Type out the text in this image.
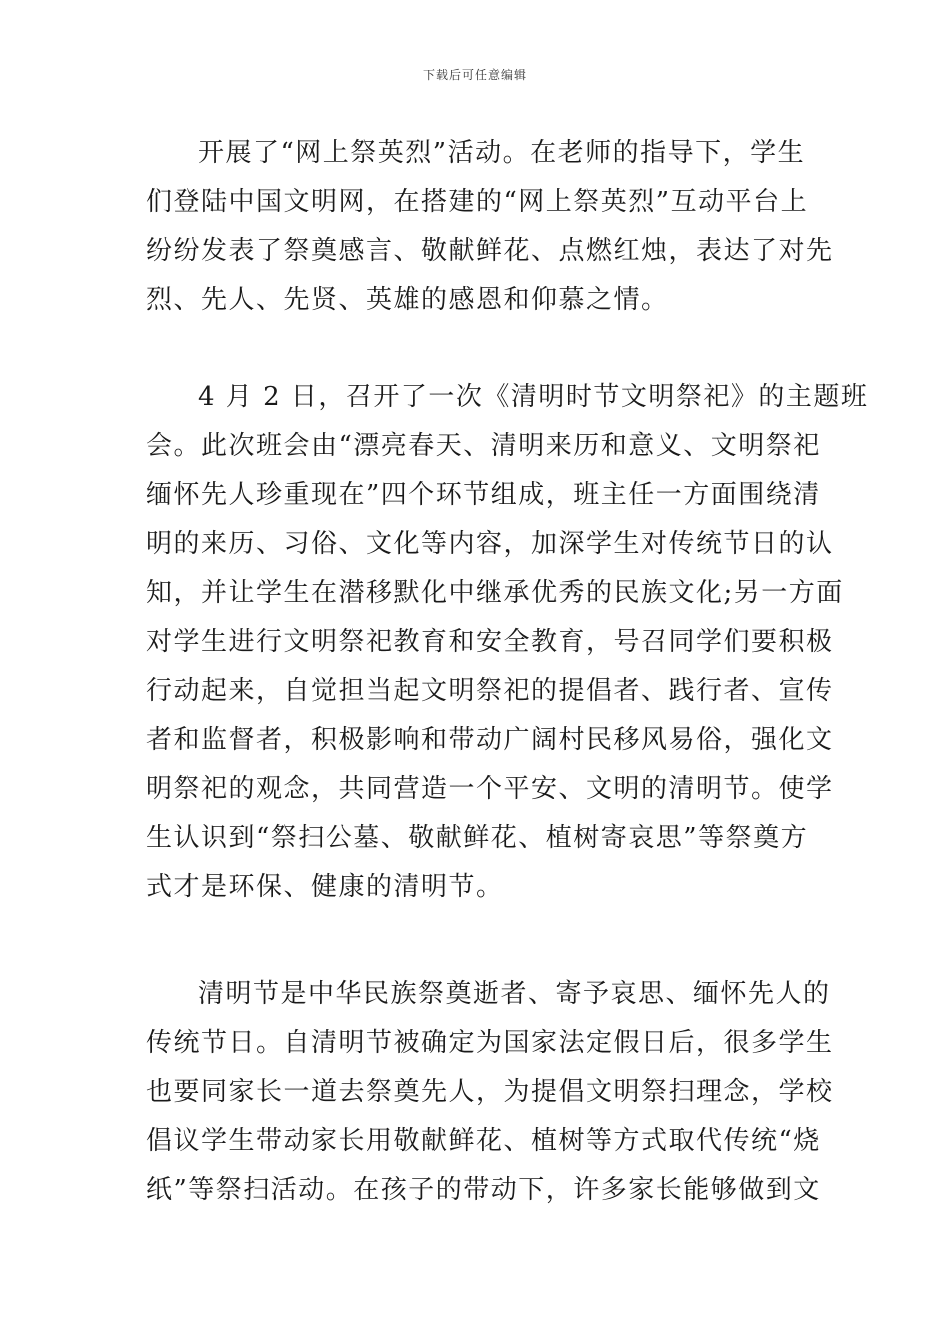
下载后可任意编辑
开展了“网上祭英烈”活动。在老师的指导下，学生
们登陆中国文明网，在搭建的“网上祭英烈”互动平台上
纷纷发表了祭奠感言、敬献鲜花、点燃红烛，表达了对先
烈、先人、先贤、英雄的感恩和仰慕之情。
4 月 2 日，召开了一次《清明时节文明祭祀》的主题班
会。此次班会由“漂亮春天、清明来历和意义、文明祭祀
缅怀先人珍重现在”四个环节组成，班主任一方面围绕清
明的来历、习俗、文化等内容，加深学生对传统节日的认
知，并让学生在潜移默化中继承优秀的民族文化;另一方面
对学生进行文明祭祀教育和安全教育，号召同学们要积极
行动起来，自觉担当起文明祭祀的提倡者、践行者、宣传
者和监督者，积极影响和带动广阔村民移风易俗，强化文
明祭祀的观念，共同营造一个平安、文明的清明节。使学
生认识到“祭扫公墓、敬献鲜花、植树寄哀思”等祭奠方
式才是环保、健康的清明节。
清明节是中华民族祭奠逝者、寄予哀思、缅怀先人的
传统节日。自清明节被确定为国家法定假日后，很多学生
也要同家长一道去祭奠先人，为提倡文明祭扫理念，学校
倡议学生带动家长用敬献鲜花、植树等方式取代传统“烧
纸”等祭扫活动。在孩子的带动下，许多家长能够做到文
